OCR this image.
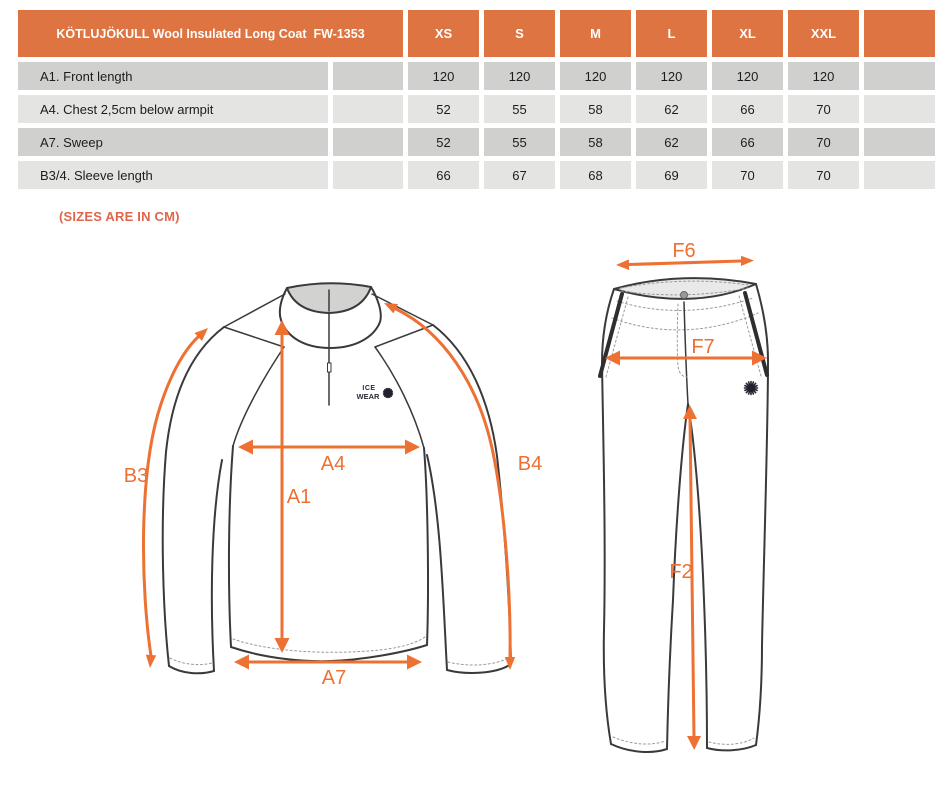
KÖTLUJÖKULL Wool Insulated Long Coat  FW-1353	XS	S	M	L	XL	XXL
A1. Front length	120	120	120	120	120	120
A4. Chest 2,5cm below armpit	52	55	58	62	66	70
A7. Sweep	52	55	58	62	66	70
B3/4. Sleeve length	66	67	68	69	70	70
(SIZES ARE IN CM)
ICE
WEAR
B3
A4
A1
B4
A7
F6
F7
F2
